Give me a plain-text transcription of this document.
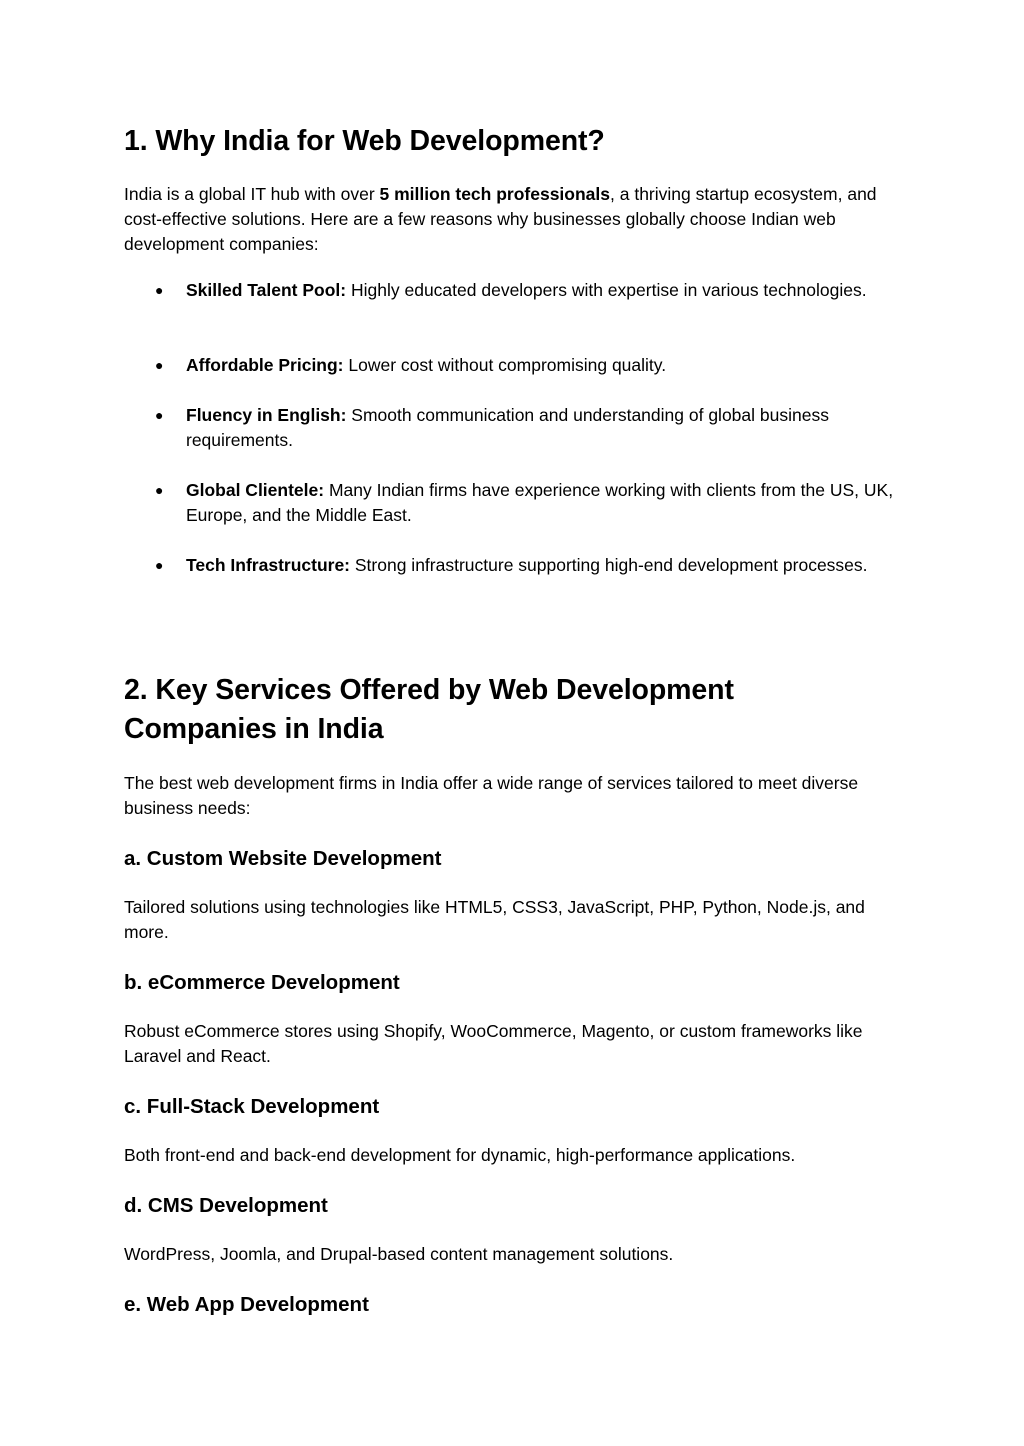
1. Why India for Web Development?

India is a global IT hub with over 5 million tech professionals, a thriving startup ecosystem, and cost-effective solutions. Here are a few reasons why businesses globally choose Indian web development companies:

● Skilled Talent Pool: Highly educated developers with expertise in various technologies.
● Affordable Pricing: Lower cost without compromising quality.
● Fluency in English: Smooth communication and understanding of global business requirements.
● Global Clientele: Many Indian firms have experience working with clients from the US, UK, Europe, and the Middle East.
● Tech Infrastructure: Strong infrastructure supporting high-end development processes.
2. Key Services Offered by Web Development Companies in India

The best web development firms in India offer a wide range of services tailored to meet diverse business needs:

a. Custom Website Development

Tailored solutions using technologies like HTML5, CSS3, JavaScript, PHP, Python, Node.js, and more.

b. eCommerce Development

Robust eCommerce stores using Shopify, WooCommerce, Magento, or custom frameworks like Laravel and React.

c. Full-Stack Development

Both front-end and back-end development for dynamic, high-performance applications.

d. CMS Development

WordPress, Joomla, and Drupal-based content management solutions.

e. Web App Development
